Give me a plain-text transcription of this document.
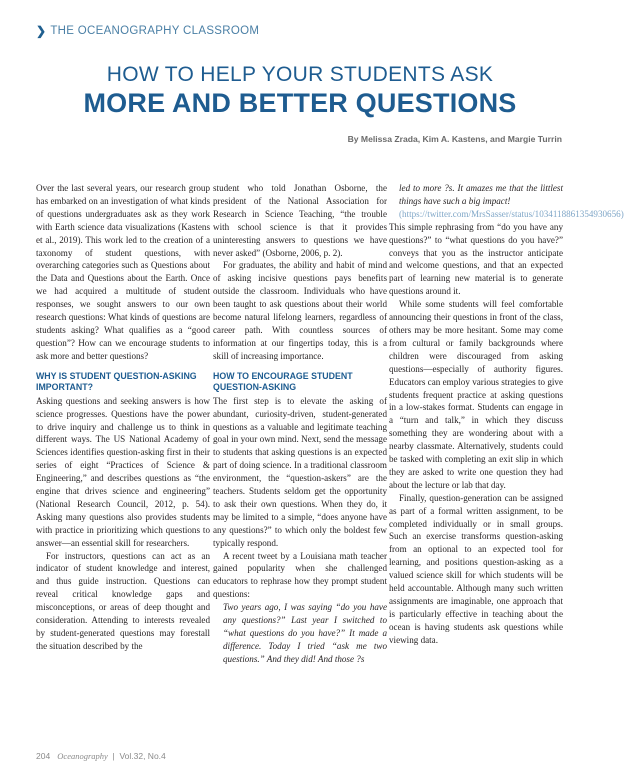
❯ THE OCEANOGRAPHY CLASSROOM
HOW TO HELP YOUR STUDENTS ASK
MORE AND BETTER QUESTIONS
By Melissa Zrada, Kim A. Kastens, and Margie Turrin

Over the last several years, our research group has embarked on an investigation of what kinds of questions undergraduates ask as they work with Earth science data visualizations (Kastens et al., 2019). This work led to the creation of a taxonomy of student questions, with overarching categories such as Questions about the Data and Questions about the Earth. Once we had acquired a multitude of student responses, we sought answers to our own research questions: What kinds of questions are students asking? What qualifies as a “good question”? How can we encourage students to ask more and better questions?

WHY IS STUDENT QUESTION-ASKING IMPORTANT?

Asking questions and seeking answers is how science progresses. Questions have the power to drive inquiry and challenge us to think in different ways. The US National Academy of Sciences identifies question-asking first in their series of eight “Practices of Science & Engineering,” and describes questions as “the engine that drives science and engineering” (National Research Council, 2012, p. 54). Asking many questions also provides students with practice in prioritizing which questions to answer—an essential skill for researchers.

For instructors, questions can act as an indicator of student knowledge and interest, and thus guide instruction. Questions can reveal critical knowledge gaps and misconceptions, or areas of deep thought and consideration. Attending to interests revealed by student-generated questions may forestall the situation described by the

student who told Jonathan Osborne, the president of the National Association for Research in Science Teaching, “the trouble with school science is that it provides uninteresting answers to questions we have never asked” (Osborne, 2006, p. 2).

For graduates, the ability and habit of mind of asking incisive questions pays benefits outside the classroom. Individuals who have been taught to ask questions about their world become natural lifelong learners, regardless of career path. With countless sources of information at our fingertips today, this is a skill of increasing importance.

HOW TO ENCOURAGE STUDENT QUESTION-ASKING

The first step is to elevate the asking of abundant, curiosity-driven, student-generated questions as a valuable and legitimate teaching goal in your own mind. Next, send the message to students that asking questions is an expected part of doing science. In a traditional classroom environment, the “question-askers” are the teachers. Students seldom get the opportunity to ask their own questions. When they do, it may be limited to a simple, “does anyone have any questions?” to which only the boldest few typically respond.

A recent tweet by a Louisiana math teacher gained popularity when she challenged educators to rephrase how they prompt student questions:

Two years ago, I was saying “do you have any questions?” Last year I switched to “what questions do you have?” It made a difference. Today I tried “ask me two questions.” And they did! And those ?s

led to more ?s. It amazes me that the littlest things have such a big impact!

(https://twitter.com/MrsSasser/status/1034118861354930656)

This simple rephrasing from “do you have any questions?” to “what questions do you have?” conveys that you as the instructor anticipate and welcome questions, and that an expected part of learning new material is to generate questions around it.

While some students will feel comfortable announcing their questions in front of the class, others may be more hesitant. Some may come from cultural or family backgrounds where children were discouraged from asking questions—especially of authority figures. Educators can employ various strategies to give students frequent practice at asking questions in a low-stakes format. Students can engage in a “turn and talk,” in which they discuss something they are wondering about with a nearby classmate. Alternatively, students could be tasked with completing an exit slip in which they are asked to write one question they had about the lecture or lab that day.

Finally, question-generation can be assigned as part of a formal written assignment, to be completed individually or in small groups. Such an exercise transforms question-asking from an optional to an expected tool for learning, and positions question-asking as a valued science skill for which students will be held accountable. Although many such written assignments are imaginable, one approach that is particularly effective in teaching about the ocean is having students ask questions while viewing data.

204 Oceanography  |  Vol.32, No.4
